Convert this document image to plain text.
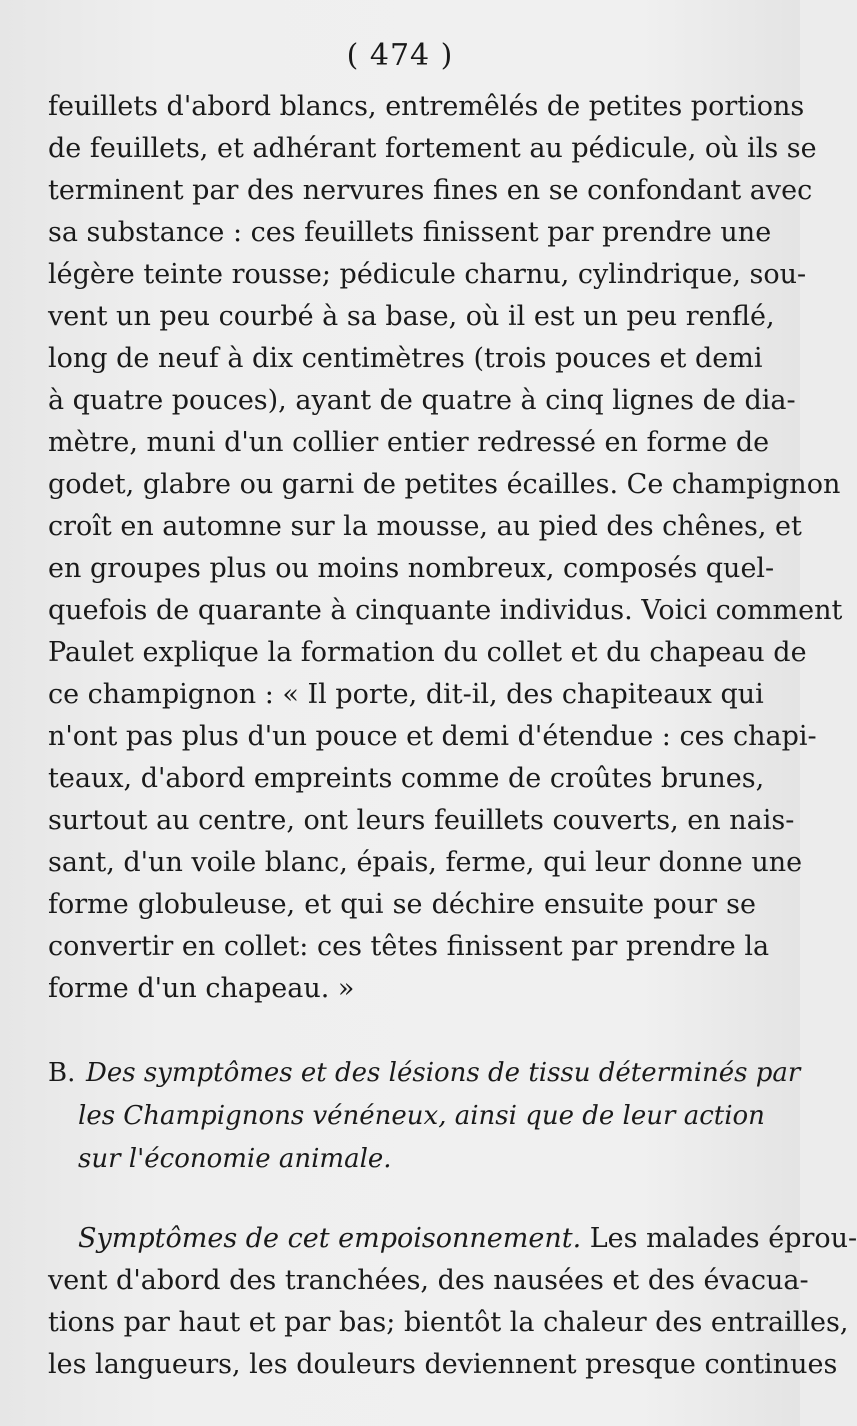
( 474 )
feuillets d'abord blancs, entremêlés de petites portions
de feuillets, et adhérant fortement au pédicule, où ils se
terminent par des nervures fines en se confondant avec
sa substance : ces feuillets finissent par prendre une
légère teinte rousse; pédicule charnu, cylindrique, sou-
vent un peu courbé à sa base, où il est un peu renflé,
long de neuf à dix centimètres (trois pouces et demi
à quatre pouces), ayant de quatre à cinq lignes de dia-
mètre, muni d'un collier entier redressé en forme de
godet, glabre ou garni de petites écailles. Ce champignon
croît en automne sur la mousse, au pied des chênes, et
en groupes plus ou moins nombreux, composés quel-
quefois de quarante à cinquante individus. Voici comment
Paulet explique la formation du collet et du chapeau de
ce champignon : « Il porte, dit-il, des chapiteaux qui
n'ont pas plus d'un pouce et demi d'étendue : ces chapi-
teaux, d'abord empreints comme de croûtes brunes,
surtout au centre, ont leurs feuillets couverts, en nais-
sant, d'un voile blanc, épais, ferme, qui leur donne une
forme globuleuse, et qui se déchire ensuite pour se
convertir en collet: ces têtes finissent par prendre la
forme d'un chapeau. »
B. Des symptômes et des lésions de tissu déterminés par
les Champignons vénéneux, ainsi que de leur action
sur l'économie animale.
Symptômes de cet empoisonnement. Les malades éprou-
vent d'abord des tranchées, des nausées et des évacua-
tions par haut et par bas; bientôt la chaleur des entrailles,
les langueurs, les douleurs deviennent presque continues
